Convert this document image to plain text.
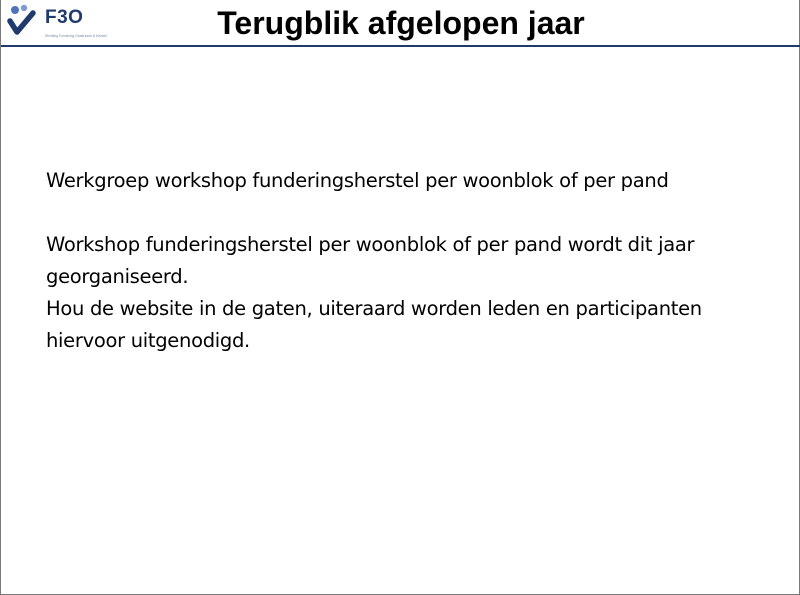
F3O
Stichting Fundering Onderzoek & Herstel	Terugblik afgelopen jaar

Werkgroep workshop funderingsherstel per woonblok of per pand

Workshop funderingsherstel per woonblok of per pand wordt dit jaar georganiseerd.

Hou de website in de gaten, uiteraard worden leden en participanten hiervoor uitgenodigd.
